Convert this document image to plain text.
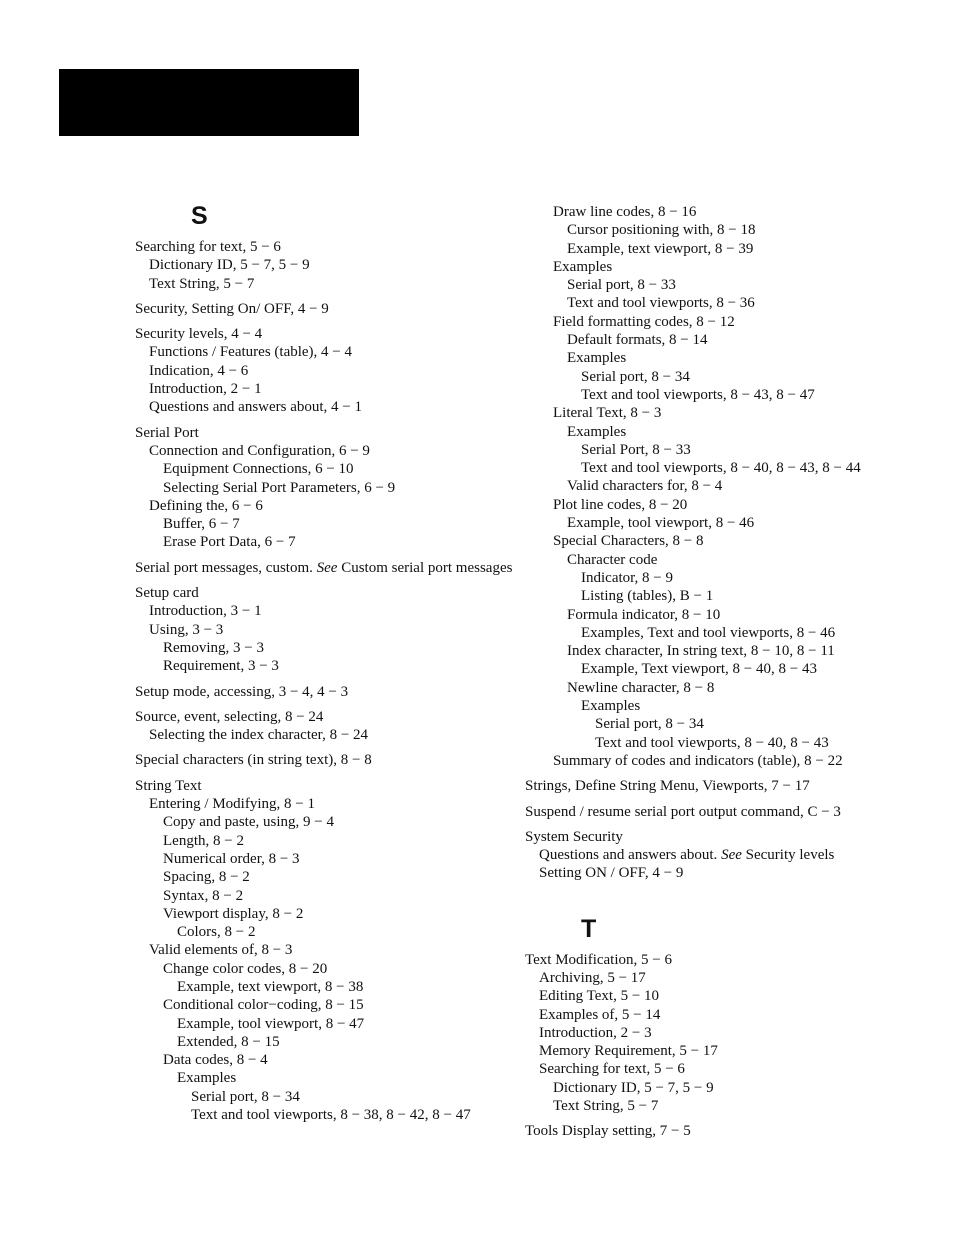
S
Searching for text, 5 − 6
Dictionary ID, 5 − 7, 5 − 9
Text String, 5 − 7
Security, Setting On/ OFF, 4 − 9
Security levels, 4 − 4
Functions / Features (table), 4 − 4
Indication, 4 − 6
Introduction, 2 − 1
Questions and answers about, 4 − 1
Serial Port
Connection and Configuration, 6 − 9
Equipment Connections, 6 − 10
Selecting Serial Port Parameters, 6 − 9
Defining the, 6 − 6
Buffer, 6 − 7
Erase Port Data, 6 − 7
Serial port messages, custom. See Custom serial port messages
Setup card
Introduction, 3 − 1
Using, 3 − 3
Removing, 3 − 3
Requirement, 3 − 3
Setup mode, accessing, 3 − 4, 4 − 3
Source, event, selecting, 8 − 24
Selecting the index character, 8 − 24
Special characters (in string text), 8 − 8
String Text
Entering / Modifying, 8 − 1
Copy and paste, using, 9 − 4
Length, 8 − 2
Numerical order, 8 − 3
Spacing, 8 − 2
Syntax, 8 − 2
Viewport display, 8 − 2
Colors, 8 − 2
Valid elements of, 8 − 3
Change color codes, 8 − 20
Example, text viewport, 8 − 38
Conditional color−coding, 8 − 15
Example, tool viewport, 8 − 47
Extended, 8 − 15
Data codes, 8 − 4
Examples
Serial port, 8 − 34
Text and tool viewports, 8 − 38, 8 − 42, 8 − 47
Draw line codes, 8 − 16
Cursor positioning with, 8 − 18
Example, text viewport, 8 − 39
Examples
Serial port, 8 − 33
Text and tool viewports, 8 − 36
Field formatting codes, 8 − 12
Default formats, 8 − 14
Examples
Serial port, 8 − 34
Text and tool viewports, 8 − 43, 8 − 47
Literal Text, 8 − 3
Examples
Serial Port, 8 − 33
Text and tool viewports, 8 − 40, 8 − 43, 8 − 44
Valid characters for, 8 − 4
Plot line codes, 8 − 20
Example, tool viewport, 8 − 46
Special Characters, 8 − 8
Character code
Indicator, 8 − 9
Listing (tables), B − 1
Formula indicator, 8 − 10
Examples, Text and tool viewports, 8 − 46
Index character, In string text, 8 − 10, 8 − 11
Example, Text viewport, 8 − 40, 8 − 43
Newline character, 8 − 8
Examples
Serial port, 8 − 34
Text and tool viewports, 8 − 40, 8 − 43
Summary of codes and indicators (table), 8 − 22
Strings, Define String Menu, Viewports, 7 − 17
Suspend / resume serial port output command, C − 3
System Security
Questions and answers about. See Security levels
Setting ON / OFF, 4 − 9
T
Text Modification, 5 − 6
Archiving, 5 − 17
Editing Text, 5 − 10
Examples of, 5 − 14
Introduction, 2 − 3
Memory Requirement, 5 − 17
Searching for text, 5 − 6
Dictionary ID, 5 − 7, 5 − 9
Text String, 5 − 7
Tools Display setting, 7 − 5
